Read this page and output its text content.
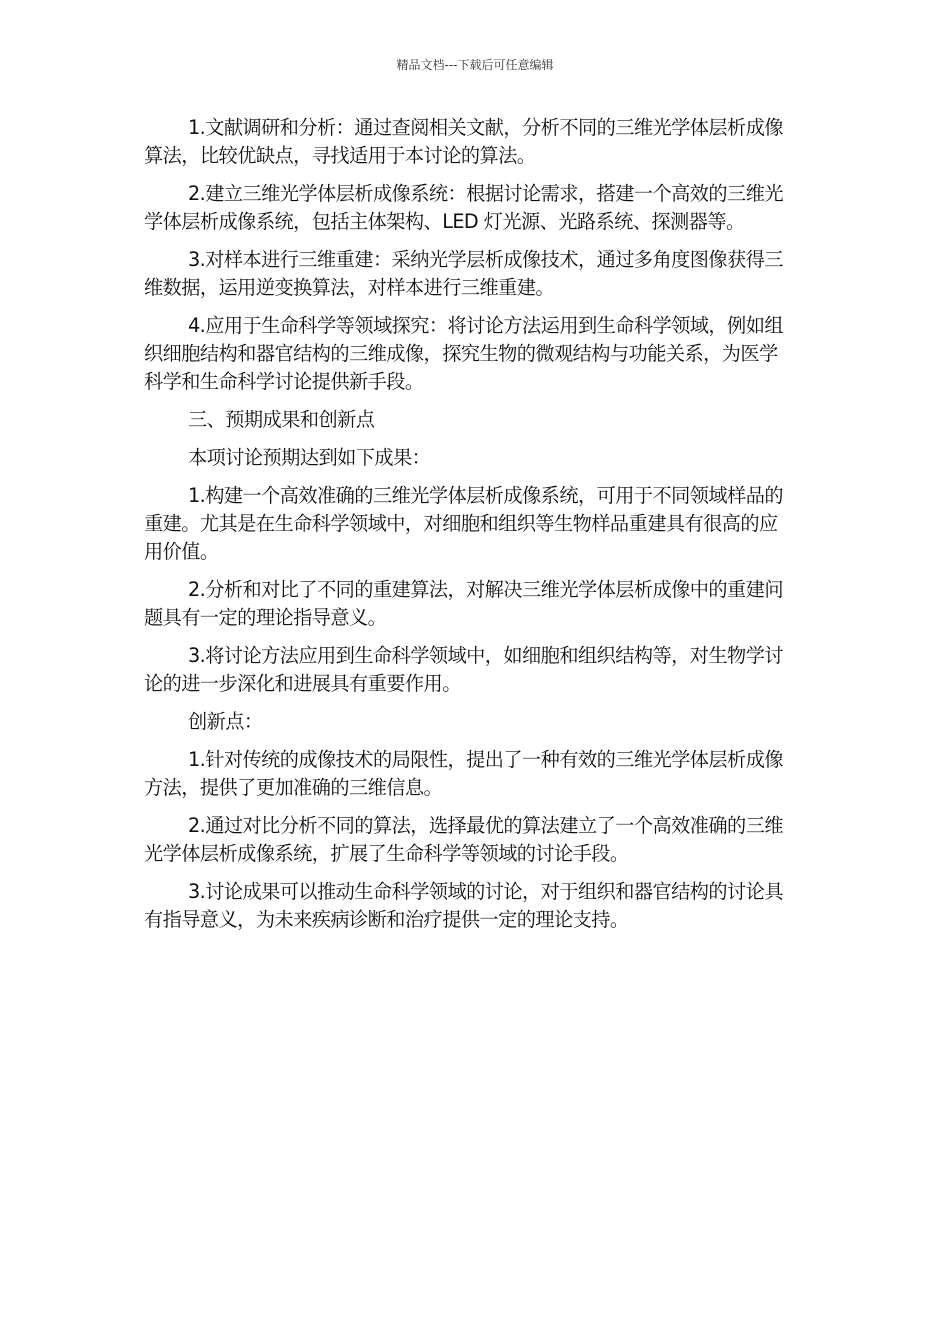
精品文档---下载后可任意编辑

1.文献调研和分析：通过查阅相关文献，分析不同的三维光学体层析成像算法，比较优缺点，寻找适用于本讨论的算法。

2.建立三维光学体层析成像系统：根据讨论需求，搭建一个高效的三维光学体层析成像系统，包括主体架构、LED 灯光源、光路系统、探测器等。

3.对样本进行三维重建：采纳光学层析成像技术，通过多角度图像获得三维数据，运用逆变换算法，对样本进行三维重建。

4.应用于生命科学等领域探究：将讨论方法运用到生命科学领域，例如组织细胞结构和器官结构的三维成像，探究生物的微观结构与功能关系，为医学科学和生命科学讨论提供新手段。

三、预期成果和创新点

本项讨论预期达到如下成果：

1.构建一个高效准确的三维光学体层析成像系统，可用于不同领域样品的重建。尤其是在生命科学领域中，对细胞和组织等生物样品重建具有很高的应用价值。

2.分析和对比了不同的重建算法，对解决三维光学体层析成像中的重建问题具有一定的理论指导意义。

3.将讨论方法应用到生命科学领域中，如细胞和组织结构等，对生物学讨论的进一步深化和进展具有重要作用。

创新点：

1.针对传统的成像技术的局限性，提出了一种有效的三维光学体层析成像方法，提供了更加准确的三维信息。

2.通过对比分析不同的算法，选择最优的算法建立了一个高效准确的三维光学体层析成像系统，扩展了生命科学等领域的讨论手段。

3.讨论成果可以推动生命科学领域的讨论，对于组织和器官结构的讨论具有指导意义，为未来疾病诊断和治疗提供一定的理论支持。
